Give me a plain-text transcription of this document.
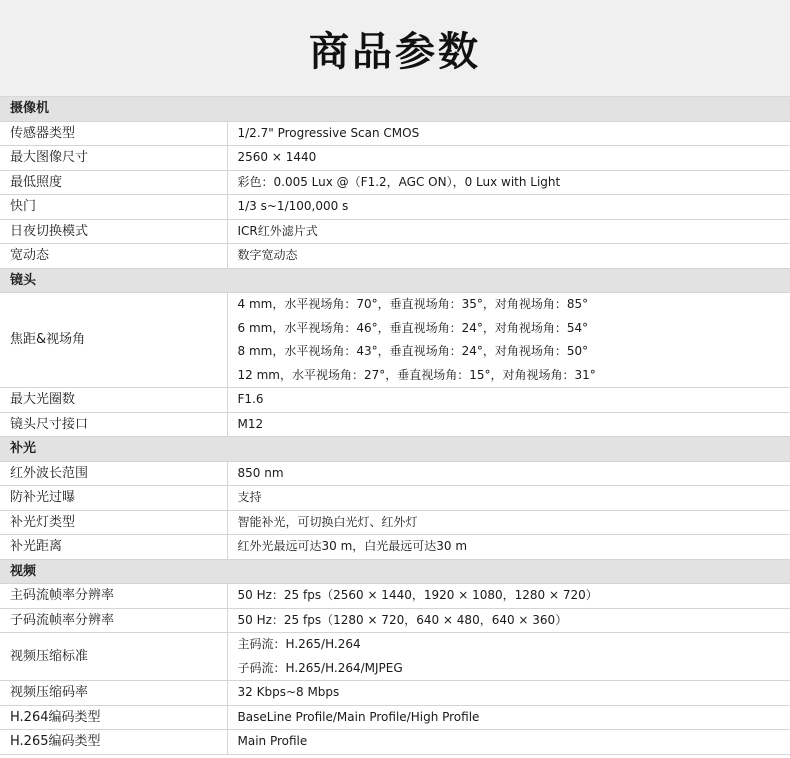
商品参数
摄像机	
传感器类型	1/2.7" Progressive Scan CMOS

最大图像尺寸	2560 × 1440

最低照度	彩色：0.005 Lux @（F1.2，AGC ON），0 Lux with Light

快门	1/3 s~1/100,000 s

日夜切换模式	ICR红外滤片式

宽动态	数字宽动态

镜头	
焦距&视场角	4 mm，水平视场角：70°，垂直视场角：35°，对角视场角：85°
6 mm，水平视场角：46°，垂直视场角：24°，对角视场角：54°
8 mm，水平视场角：43°，垂直视场角：24°，对角视场角：50°
12 mm，水平视场角：27°，垂直视场角：15°，对角视场角：31°

最大光圈数	F1.6

镜头尺寸接口	M12

补光	
红外波长范围	850 nm

防补光过曝	支持

补光灯类型	智能补光，可切换白光灯、红外灯

补光距离	红外光最远可达30 m，白光最远可达30 m

视频	
主码流帧率分辨率	50 Hz：25 fps（2560 × 1440，1920 × 1080，1280 × 720）

子码流帧率分辨率	50 Hz：25 fps（1280 × 720，640 × 480，640 × 360）

视频压缩标准	主码流：H.265/H.264
子码流：H.265/H.264/MJPEG

视频压缩码率	32 Kbps~8 Mbps

H.264编码类型	BaseLine Profile/Main Profile/High Profile

H.265编码类型	Main Profile
